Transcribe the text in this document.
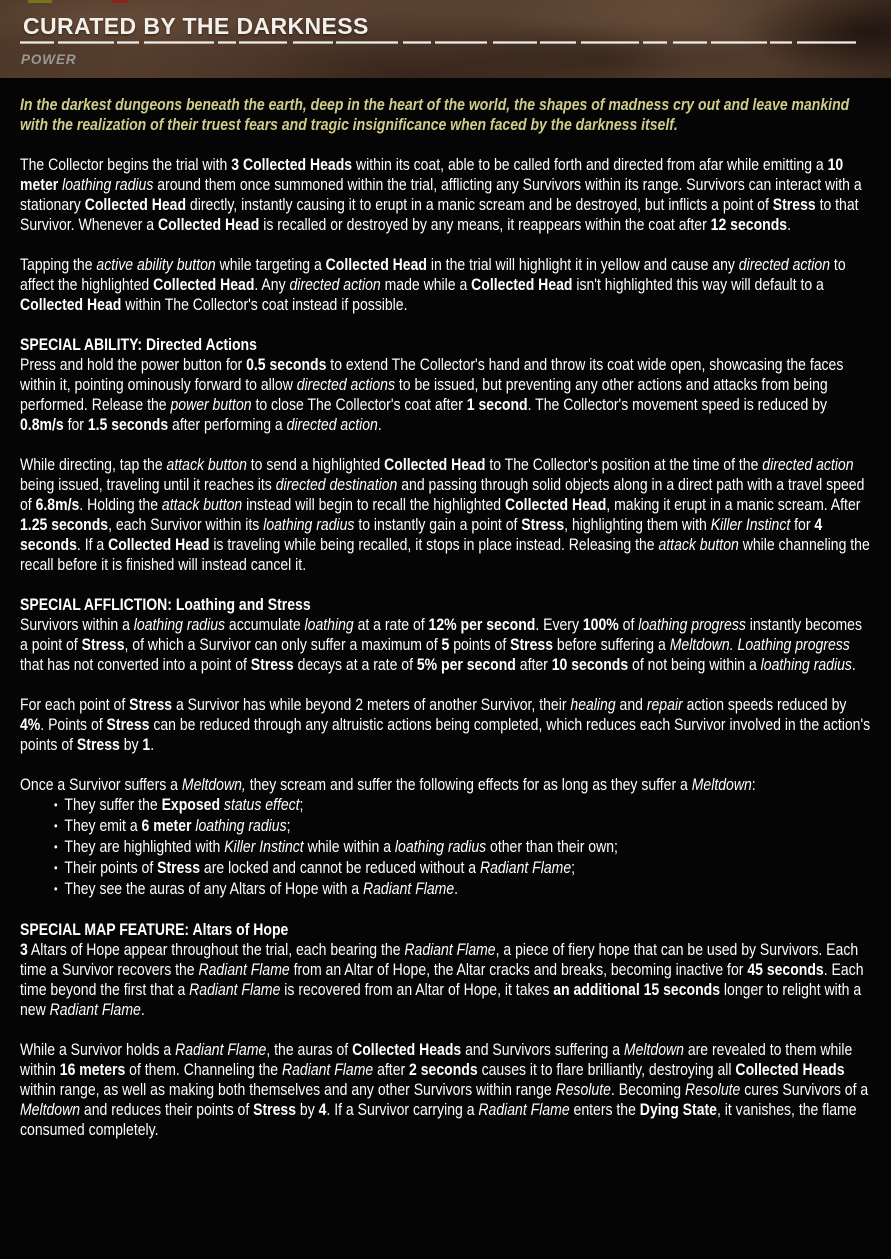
CURATED BY THE DARKNESS
POWER

In the darkest dungeons beneath the earth, deep in the heart of the world, the shapes of madness cry out and leave mankind with the realization of their truest fears and tragic insignificance when faced by the darkness itself.

The Collector begins the trial with 3 Collected Heads within its coat, able to be called forth and directed from afar while emitting a 10 meter loathing radius around them once summoned within the trial, afflicting any Survivors within its range. Survivors can interact with a stationary Collected Head directly, instantly causing it to erupt in a manic scream and be destroyed, but inflicts a point of Stress to that Survivor. Whenever a Collected Head is recalled or destroyed by any means, it reappears within the coat after 12 seconds.

Tapping the active ability button while targeting a Collected Head in the trial will highlight it in yellow and cause any directed action to affect the highlighted Collected Head. Any directed action made while a Collected Head isn't highlighted this way will default to a Collected Head within The Collector's coat instead if possible.

SPECIAL ABILITY: Directed Actions

Press and hold the power button for 0.5 seconds to extend The Collector's hand and throw its coat wide open, showcasing the faces within it, pointing ominously forward to allow directed actions to be issued, but preventing any other actions and attacks from being performed. Release the power button to close The Collector's coat after 1 second. The Collector's movement speed is reduced by 0.8m/s for 1.5 seconds after performing a directed action.

While directing, tap the attack button to send a highlighted Collected Head to The Collector's position at the time of the directed action being issued, traveling until it reaches its directed destination and passing through solid objects along in a direct path with a travel speed of 6.8m/s. Holding the attack button instead will begin to recall the highlighted Collected Head, making it erupt in a manic scream. After 1.25 seconds, each Survivor within its loathing radius to instantly gain a point of Stress, highlighting them with Killer Instinct for 4 seconds. If a Collected Head is traveling while being recalled, it stops in place instead. Releasing the attack button while channeling the recall before it is finished will instead cancel it.

SPECIAL AFFLICTION: Loathing and Stress

Survivors within a loathing radius accumulate loathing at a rate of 12% per second. Every 100% of loathing progress instantly becomes a point of Stress, of which a Survivor can only suffer a maximum of 5 points of Stress before suffering a Meltdown. Loathing progress that has not converted into a point of Stress decays at a rate of 5% per second after 10 seconds of not being within a loathing radius.

For each point of Stress a Survivor has while beyond 2 meters of another Survivor, their healing and repair action speeds reduced by 4%. Points of Stress can be reduced through any altruistic actions being completed, which reduces each Survivor involved in the action's points of Stress by 1.

Once a Survivor suffers a Meltdown, they scream and suffer the following effects for as long as they suffer a Meltdown:

• They suffer the Exposed status effect;
• They emit a 6 meter loathing radius;
• They are highlighted with Killer Instinct while within a loathing radius other than their own;
• Their points of Stress are locked and cannot be reduced without a Radiant Flame;
• They see the auras of any Altars of Hope with a Radiant Flame.

SPECIAL MAP FEATURE: Altars of Hope

3 Altars of Hope appear throughout the trial, each bearing the Radiant Flame, a piece of fiery hope that can be used by Survivors. Each time a Survivor recovers the Radiant Flame from an Altar of Hope, the Altar cracks and breaks, becoming inactive for 45 seconds. Each time beyond the first that a Radiant Flame is recovered from an Altar of Hope, it takes an additional 15 seconds longer to relight with a new Radiant Flame.

While a Survivor holds a Radiant Flame, the auras of Collected Heads and Survivors suffering a Meltdown are revealed to them while within 16 meters of them. Channeling the Radiant Flame after 2 seconds causes it to flare brilliantly, destroying all Collected Heads within range, as well as making both themselves and any other Survivors within range Resolute. Becoming Resolute cures Survivors of a Meltdown and reduces their points of Stress by 4. If a Survivor carrying a Radiant Flame enters the Dying State, it vanishes, the flame consumed completely.
